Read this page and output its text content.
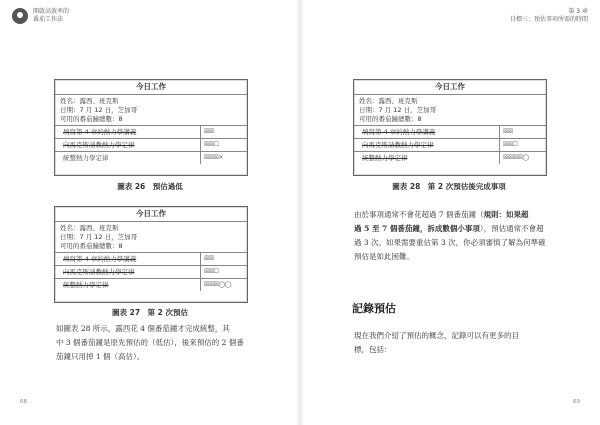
開啟高效率的
番茄工作法
今日工作
姓名：露西、班克斯
日期：7 月 12 日，芝加哥
可用的番茄鐘總數：8
填寫第 4 章的熱力學講義	☒☒
向馬克斯請教熱力學定律	☒☒☐
統整熱力學定律	☒☒☒×
圖表 26　預估過低
今日工作
姓名：露西、班克斯
日期：7 月 12 日，芝加哥
可用的番茄鐘總數：8
填寫第 4 章的熱力學講義	☒☒
向馬克斯請教熱力學定律	☒☒☐
統整熱力學定律	☒☒☒◯◯
圖表 27　第 2 次預估

如圖表 28 所示，露西花 4 個番茄鐘才完成統整，其
中 3 個番茄鐘是原先預估的（低估），後來預估的 2 個番
茄鐘只用掉 1 個（高估）。

68
第 3 章
目標三：預估事項所需的時間
今日工作
姓名：露西、班克斯
日期：7 月 12 日，芝加哥
可用的番茄鐘總數：8
填寫第 4 章的熱力學講義	☒☒
向馬克斯請教熱力學定律	☒☒☐
統整熱力學定律	☒☒☒☒◯
圖表 28　第 2 次預估後完成事項

由於事項通常不會花超過 7 個番茄鐘（規則：如果超
過 5 至 7 個番茄鐘，拆成數個小事項），預估通常不會超
過 3 次。如果需要重估第 3 次，你必須審慎了解為何準確
預估是如此困難。

記錄預估

現在我們介紹了預估的概念，記錄可以有更多的目
標，包括：

69
